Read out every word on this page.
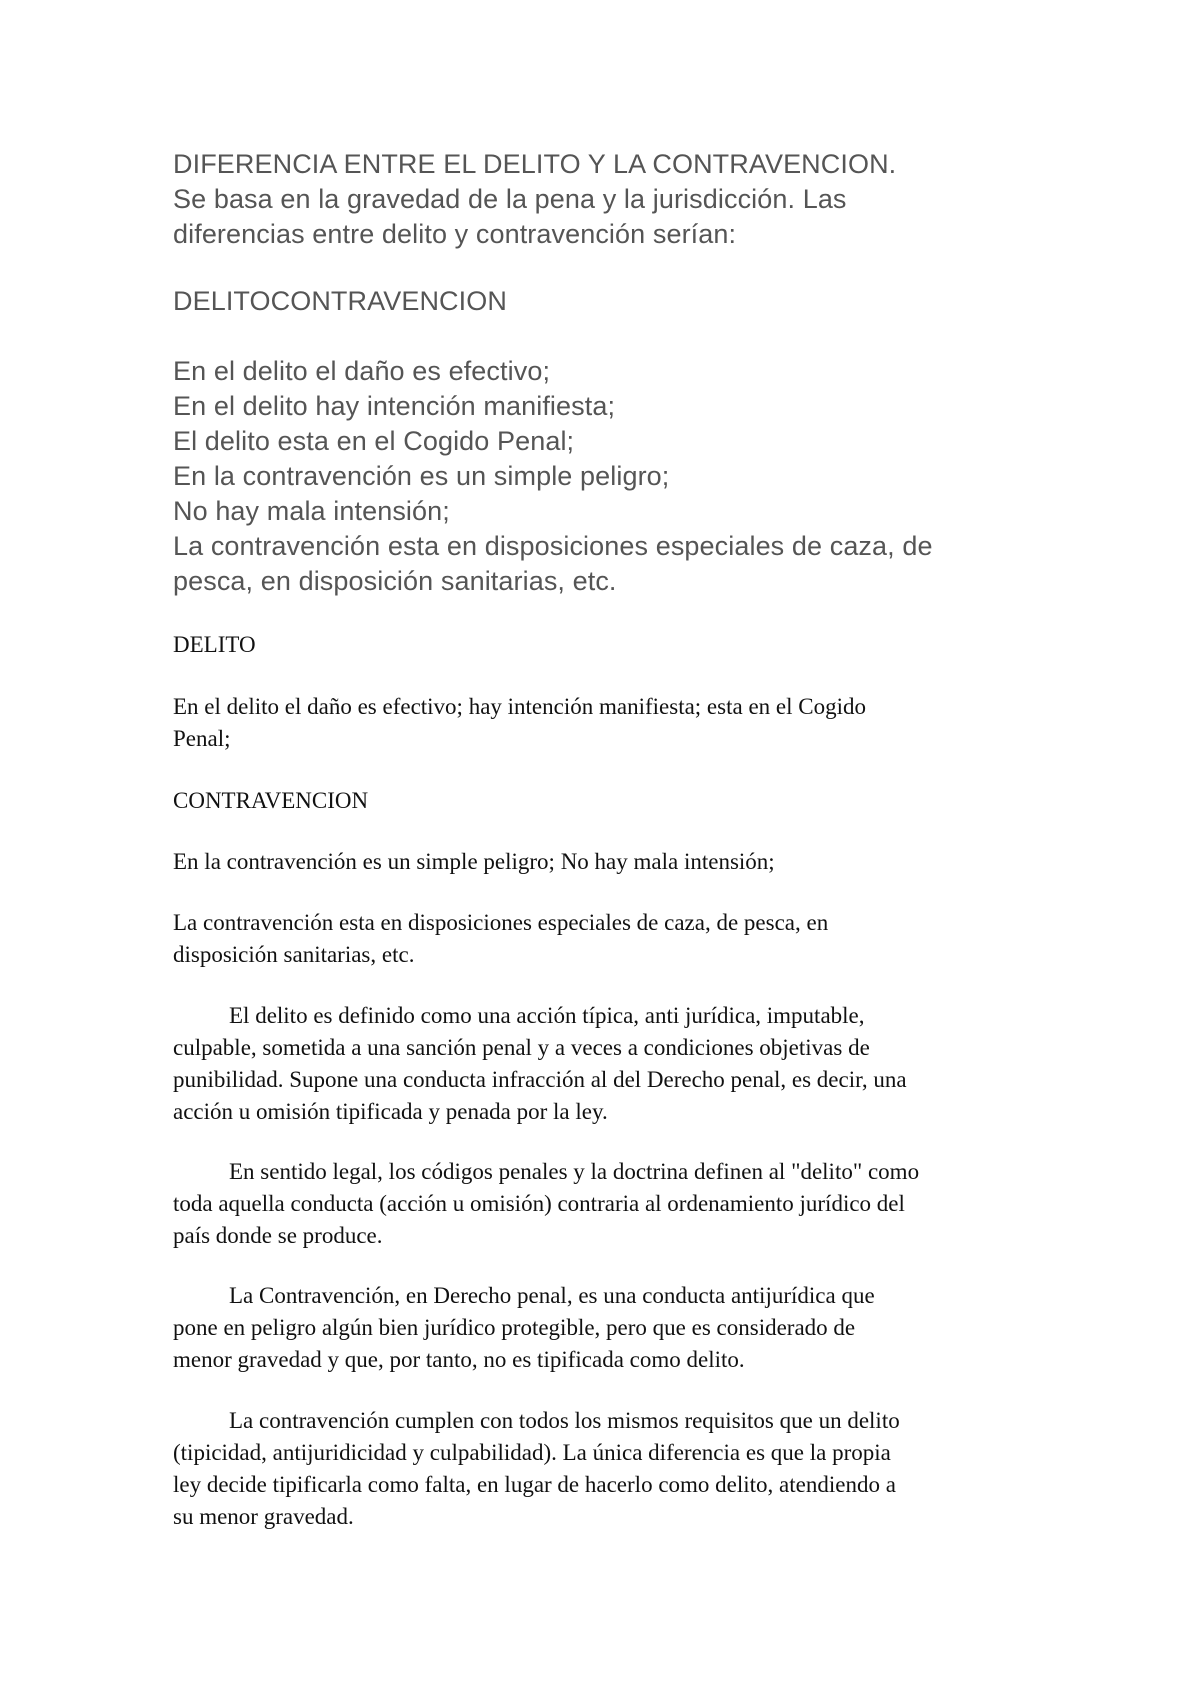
DIFERENCIA ENTRE EL DELITO Y LA CONTRAVENCION.
Se basa en la gravedad de la pena y la jurisdicción. Las
diferencias entre delito y contravención serían:
DELITOCONTRAVENCION
En el delito el daño es efectivo;
En el delito hay intención manifiesta;
El delito esta en el Cogido Penal;
En la contravención es un simple peligro;
No hay mala intensión;
La contravención esta en disposiciones especiales de caza, de
pesca, en disposición sanitarias, etc.
DELITO
En el delito el daño es efectivo; hay intención manifiesta; esta en el Cogido
Penal;
CONTRAVENCION
En la contravención es un simple peligro; No hay mala intensión;
La contravención esta en disposiciones especiales de caza, de pesca, en
disposición sanitarias, etc.
El delito es definido como una acción típica, anti jurídica, imputable,
culpable, sometida a una sanción penal y a veces a condiciones objetivas de
punibilidad. Supone una conducta infracción al del Derecho penal, es decir, una
acción u omisión tipificada y penada por la ley.
En sentido legal, los códigos penales y la doctrina definen al "delito" como
toda aquella conducta (acción u omisión) contraria al ordenamiento jurídico del
país donde se produce.
La Contravención, en Derecho penal, es una conducta antijurídica que
pone en peligro algún bien jurídico protegible, pero que es considerado de
menor gravedad y que, por tanto, no es tipificada como delito.
La contravención cumplen con todos los mismos requisitos que un delito
(tipicidad, antijuridicidad y culpabilidad). La única diferencia es que la propia
ley decide tipificarla como falta, en lugar de hacerlo como delito, atendiendo a
su menor gravedad.
